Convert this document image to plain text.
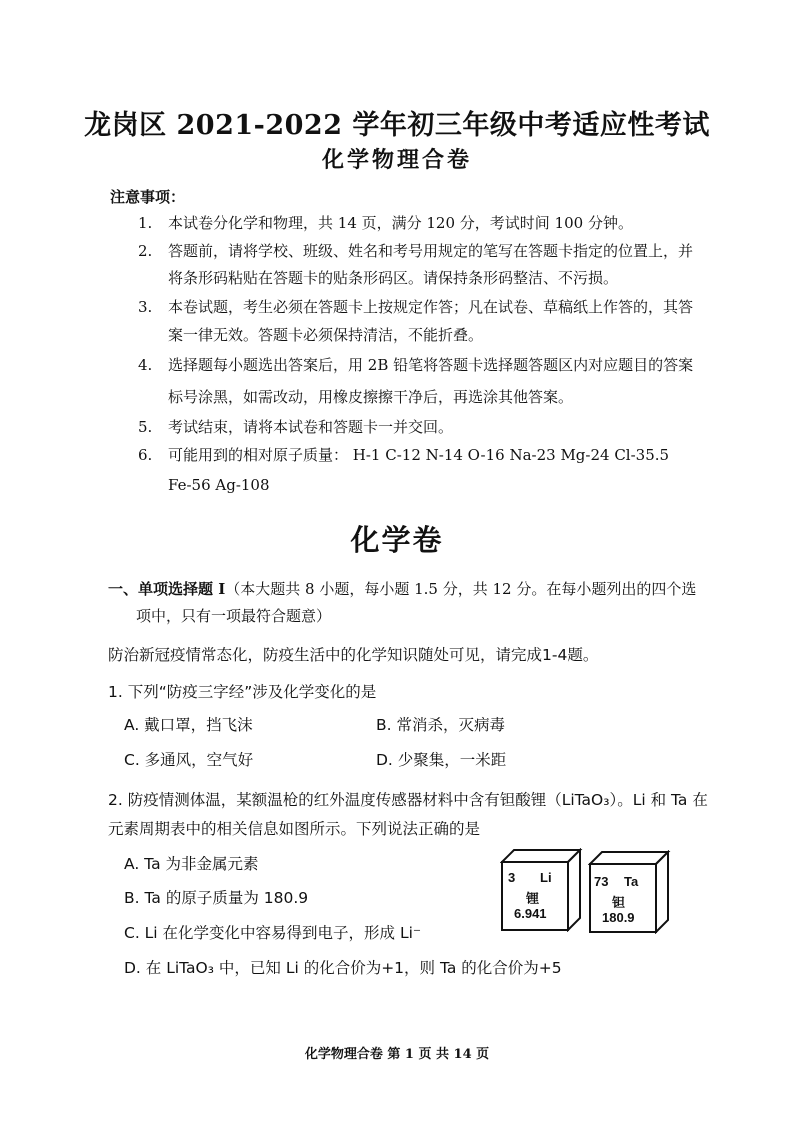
龙岗区 2021-2022 学年初三年级中考适应性考试
化学物理合卷
注意事项：
1. 本试卷分化学和物理，共 14 页，满分 120 分，考试时间 100 分钟。
2. 答题前，请将学校、班级、姓名和考号用规定的笔写在答题卡指定的位置上，并
将条形码粘贴在答题卡的贴条形码区。请保持条形码整洁、不污损。
3. 本卷试题，考生必须在答题卡上按规定作答；凡在试卷、草稿纸上作答的，其答
案一律无效。答题卡必须保持清洁，不能折叠。
4. 选择题每小题选出答案后，用 2B 铅笔将答题卡选择题答题区内对应题目的答案
标号涂黑，如需改动，用橡皮擦擦干净后，再选涂其他答案。
5. 考试结束，请将本试卷和答题卡一并交回。
6. 可能用到的相对原子质量： H-1 C-12 N-14 O-16 Na-23 Mg-24 Cl-35.5
Fe-56 Ag-108
化学卷
一、单项选择题 Ⅰ（本大题共 8 小题，每小题 1.5 分，共 12 分。在每小题列出的四个选
项中，只有一项最符合题意）
防治新冠疫情常态化，防疫生活中的化学知识随处可见，请完成1-4题。
1. 下列“防疫三字经”涉及化学变化的是
A. 戴口罩，挡飞沫	B. 常消杀，灭病毒
C. 多通风，空气好	D. 少聚集，一米距
2. 防疫情测体温，某额温枪的红外温度传感器材料中含有钽酸锂（LiTaO₃）。Li 和 Ta 在
元素周期表中的相关信息如图所示。下列说法正确的是
A. Ta 为非金属元素
B. Ta 的原子质量为 180.9
C. Li 在化学变化中容易得到电子，形成 Li⁻
D. 在 LiTaO₃ 中，已知 Li 的化合价为+1，则 Ta 的化合价为+5
3 Li
锂
6.941
73 Ta
钽
180.9
化学物理合卷 第 1 页 共 14 页
